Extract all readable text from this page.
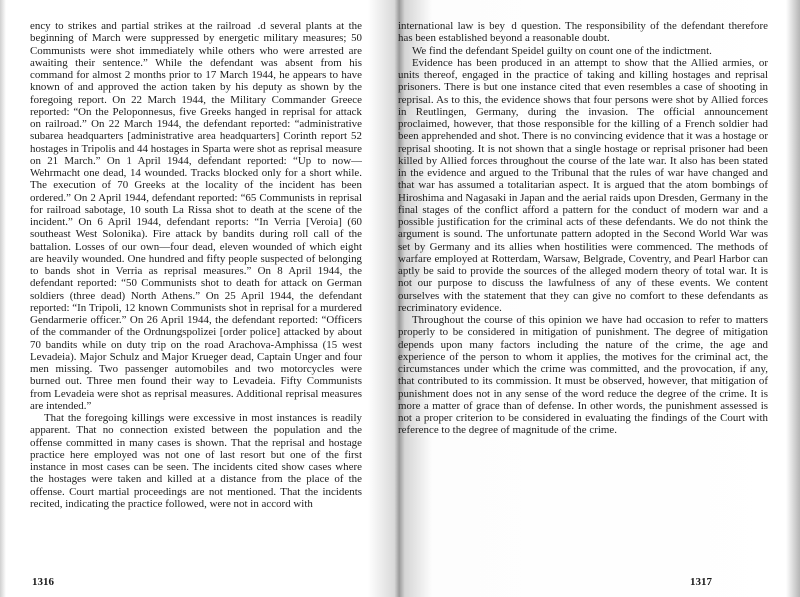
ency to strikes and partial strikes at the railroad  .d several plants at the beginning of March were suppressed by energetic military measures; 50 Communists were shot immediately while others who were arrested are awaiting their sentence.” While the defendant was absent from his command for almost 2 months prior to 17 March 1944, he appears to have known of and approved the action taken by his deputy as shown by the foregoing report. On 22 March 1944, the Military Commander Greece reported: “On the Peloponnesus, five Greeks hanged in reprisal for attack on railroad.” On 22 March 1944, the defendant reported: “administrative subarea headquarters [administrative area headquarters] Corinth report 52 hostages in Tripolis and 44 hostages in Sparta were shot as reprisal measure on 21 March.” On 1 April 1944, defendant reported: “Up to now—Wehrmacht one dead, 14 wounded. Tracks blocked only for a short while. The execution of 70 Greeks at the locality of the incident has been ordered.” On 2 April 1944, defendant reported: “65 Communists in reprisal for railroad sabotage, 10 south La Rissa shot to death at the scene of the incident.” On 6 April 1944, defendant reports: “In Verria [Veroia] (60 southeast West Solonika). Fire attack by bandits during roll call of the battalion. Losses of our own—four dead, eleven wounded of which eight are heavily wounded. One hundred and fifty people suspected of belonging to bands shot in Verria as reprisal measures.” On 8 April 1944, the defendant reported: “50 Communists shot to death for attack on German soldiers (three dead) North Athens.” On 25 April 1944, the defendant reported: “In Tripoli, 12 known Communists shot in reprisal for a murdered Gendarmerie officer.” On 26 April 1944, the defendant reported: “Officers of the commander of the Ordnungspolizei [order police] attacked by about 70 bandits while on duty trip on the road Arachova-Amphissa (15 west Levadeia). Major Schulz and Major Krueger dead, Captain Unger and four men missing. Two passenger automobiles and two motorcycles were burned out. Three men found their way to Levadeia. Fifty Communists from Levadeia were shot as reprisal measures. Additional reprisal measures are intended.”

That the foregoing killings were excessive in most instances is readily apparent. That no connection existed between the population and the offense committed in many cases is shown. That the reprisal and hostage practice here employed was not one of last resort but one of the first instance in most cases can be seen. The incidents cited show cases where the hostages were taken and killed at a distance from the place of the offense. Court martial proceedings are not mentioned. That the incidents recited, indicating the practice followed, were not in accord with

1316

international law is bey  d question. The responsibility of the defendant therefore has been established beyond a reasonable doubt.

We find the defendant Speidel guilty on count one of the indictment.

Evidence has been produced in an attempt to show that the Allied armies, or units thereof, engaged in the practice of taking and killing hostages and reprisal prisoners. There is but one instance cited that even resembles a case of shooting in reprisal. As to this, the evidence shows that four persons were shot by Allied forces in Reutlingen, Germany, during the invasion. The official announcement proclaimed, however, that those responsible for the killing of a French soldier had been apprehended and shot. There is no convincing evidence that it was a hostage or reprisal shooting. It is not shown that a single hostage or reprisal prisoner had been killed by Allied forces throughout the course of the late war. It also has been stated in the evidence and argued to the Tribunal that the rules of war have changed and that war has assumed a totalitarian aspect. It is argued that the atom bombings of Hiroshima and Nagasaki in Japan and the aerial raids upon Dresden, Germany in the final stages of the conflict afford a pattern for the conduct of modern war and a possible justification for the criminal acts of these defendants. We do not think the argument is sound. The unfortunate pattern adopted in the Second World War was set by Germany and its allies when hostilities were commenced. The methods of warfare employed at Rotterdam, Warsaw, Belgrade, Coventry, and Pearl Harbor can aptly be said to provide the sources of the alleged modern theory of total war. It is not our purpose to discuss the lawfulness of any of these events. We content ourselves with the statement that they can give no comfort to these defendants as recriminatory evidence.

Throughout the course of this opinion we have had occasion to refer to matters properly to be considered in mitigation of punishment. The degree of mitigation depends upon many factors including the nature of the crime, the age and experience of the person to whom it applies, the motives for the criminal act, the circumstances under which the crime was committed, and the provocation, if any, that contributed to its commission. It must be observed, however, that mitigation of punishment does not in any sense of the word reduce the degree of the crime. It is more a matter of grace than of defense. In other words, the punishment assessed is not a proper criterion to be considered in evaluating the findings of the Court with reference to the degree of magnitude of the crime.

1317
